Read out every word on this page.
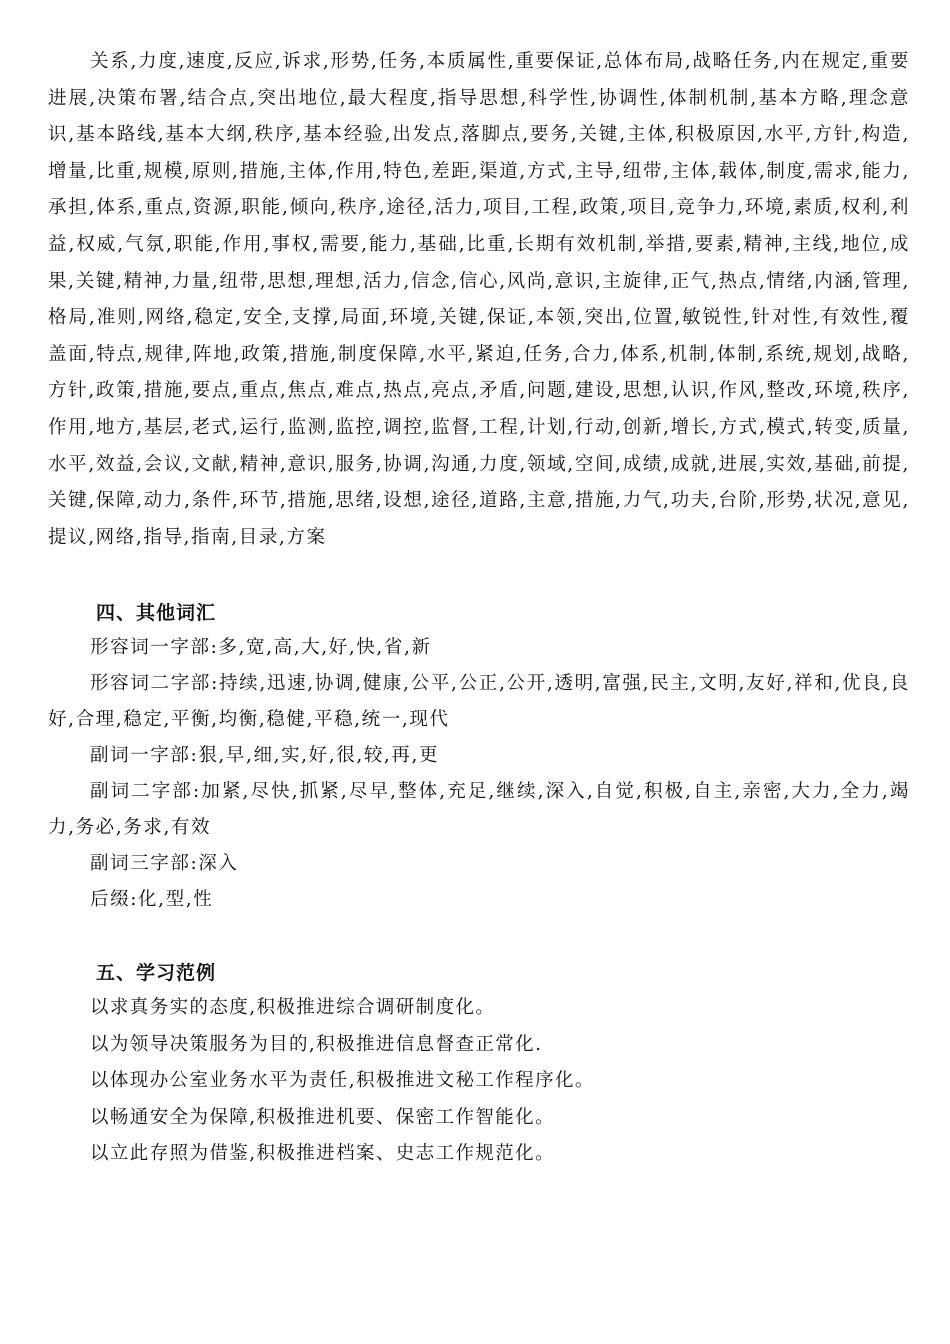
关系,力度,速度,反应,诉求,形势,任务,本质属性,重要保证,总体布局,战略任务,内在规定,重要进展,决策布署,结合点,突出地位,最大程度,指导思想,科学性,协调性,体制机制,基本方略,理念意识,基本路线,基本大纲,秩序,基本经验,出发点,落脚点,要务,关键,主体,积极原因,水平,方针,构造,增量,比重,规模,原则,措施,主体,作用,特色,差距,渠道,方式,主导,纽带,主体,载体,制度,需求,能力,承担,体系,重点,资源,职能,倾向,秩序,途径,活力,项目,工程,政策,项目,竞争力,环境,素质,权利,利益,权威,气氛,职能,作用,事权,需要,能力,基础,比重,长期有效机制,举措,要素,精神,主线,地位,成果,关键,精神,力量,纽带,思想,理想,活力,信念,信心,风尚,意识,主旋律,正气,热点,情绪,内涵,管理,格局,准则,网络,稳定,安全,支撑,局面,环境,关键,保证,本领,突出,位置,敏锐性,针对性,有效性,覆盖面,特点,规律,阵地,政策,措施,制度保障,水平,紧迫,任务,合力,体系,机制,体制,系统,规划,战略,方针,政策,措施,要点,重点,焦点,难点,热点,亮点,矛盾,问题,建设,思想,认识,作风,整改,环境,秩序,作用,地方,基层,老式,运行,监测,监控,调控,监督,工程,计划,行动,创新,增长,方式,模式,转变,质量,水平,效益,会议,文献,精神,意识,服务,协调,沟通,力度,领域,空间,成绩,成就,进展,实效,基础,前提,关键,保障,动力,条件,环节,措施,思绪,设想,途径,道路,主意,措施,力气,功夫,台阶,形势,状况,意见,提议,网络,指导,指南,目录,方案

四、其他词汇

形容词一字部:多,宽,高,大,好,快,省,新

形容词二字部:持续,迅速,协调,健康,公平,公正,公开,透明,富强,民主,文明,友好,祥和,优良,良好,合理,稳定,平衡,均衡,稳健,平稳,统一,现代

副词一字部:狠,早,细,实,好,很,较,再,更

副词二字部:加紧,尽快,抓紧,尽早,整体,充足,继续,深入,自觉,积极,自主,亲密,大力,全力,竭力,务必,务求,有效

副词三字部:深入

后缀:化,型,性

五、学习范例

以求真务实的态度,积极推进综合调研制度化。

以为领导决策服务为目的,积极推进信息督查正常化.

以体现办公室业务水平为责任,积极推进文秘工作程序化。

以畅通安全为保障,积极推进机要、保密工作智能化。

以立此存照为借鉴,积极推进档案、史志工作规范化。
